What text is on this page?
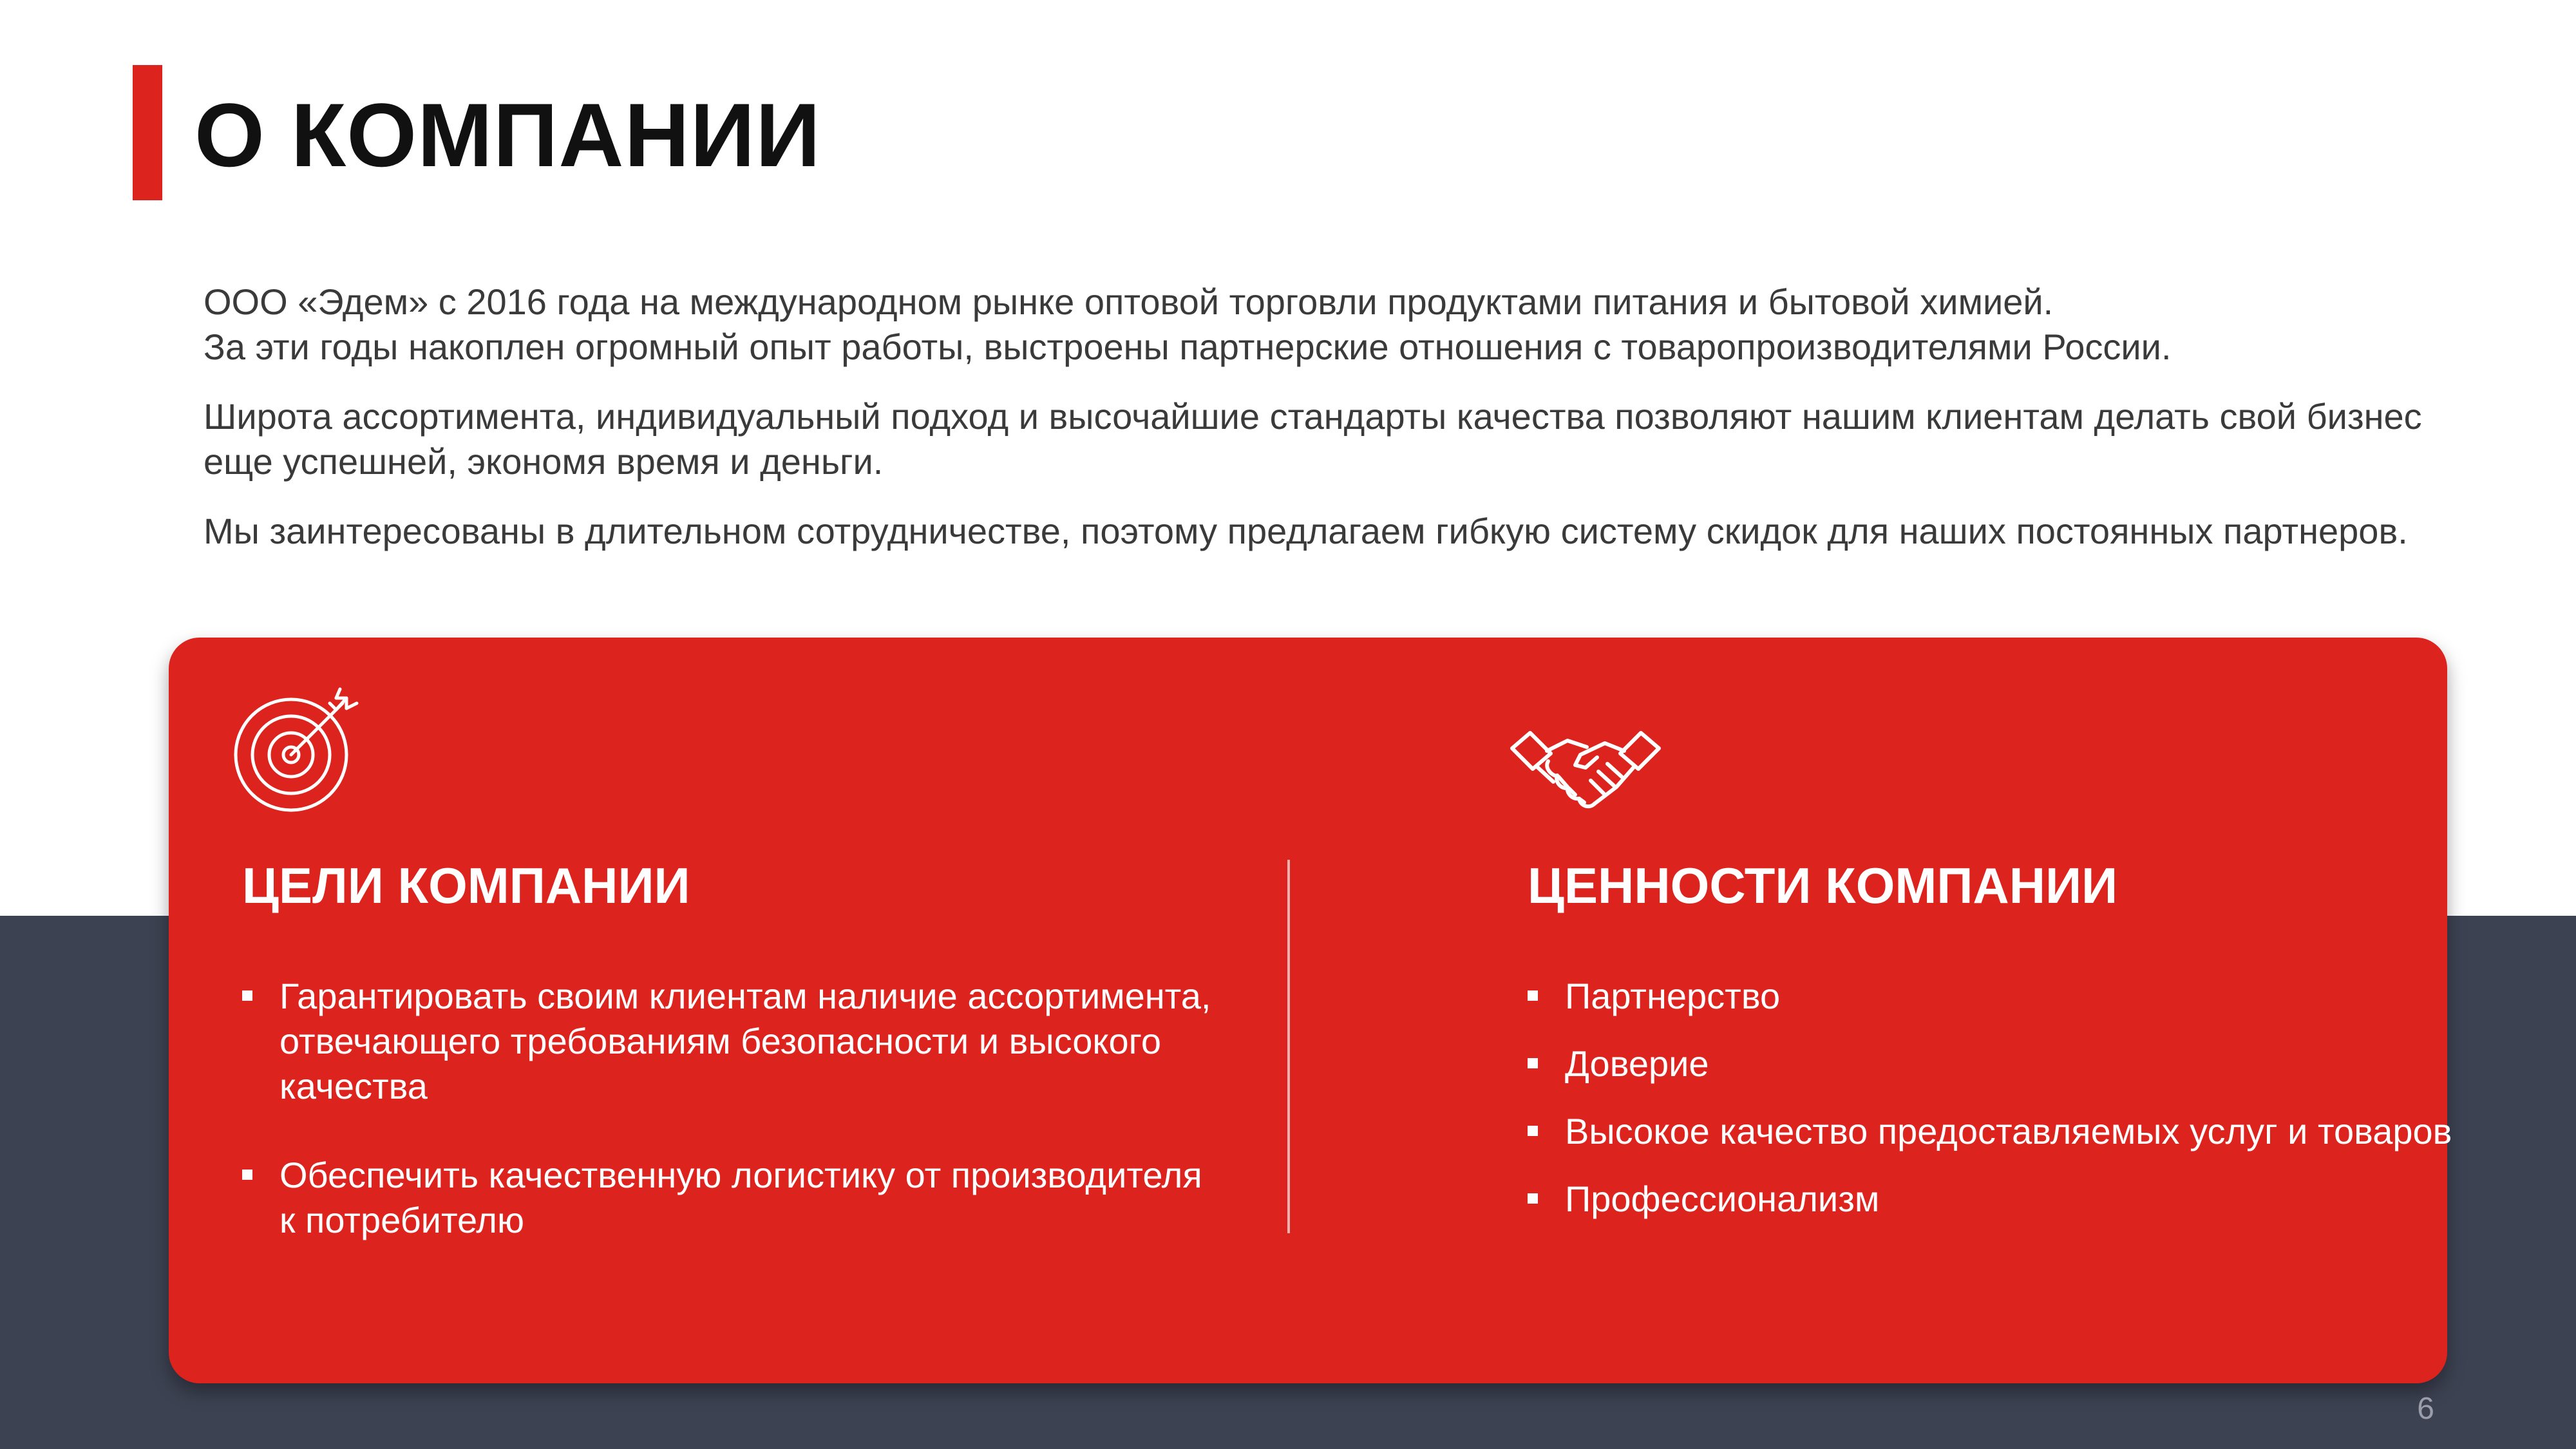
О КОМПАНИИ

ООО «Эдем» с 2016 года на международном рынке оптовой торговли продуктами питания и бытовой химией.
За эти годы накоплен огромный опыт работы, выстроены партнерские отношения с товаропроизводителями России.

Широта ассортимента, индивидуальный подход и высочайшие стандарты качества позволяют нашим клиентам делать свой бизнес
еще успешней, экономя время и деньги.

Мы заинтересованы в длительном сотрудничестве, поэтому предлагаем гибкую систему скидок для наших постоянных партнеров.

ЦЕЛИ КОМПАНИИ
Гарантировать своим клиентам наличие ассортимента,
отвечающего требованиям безопасности и высокого
качества
Обеспечить качественную логистику от производителя
к потребителю
ЦЕННОСТИ КОМПАНИИ
Партнерство
Доверие
Высокое качество предоставляемых услуг и товаров
Профессионализм
6
